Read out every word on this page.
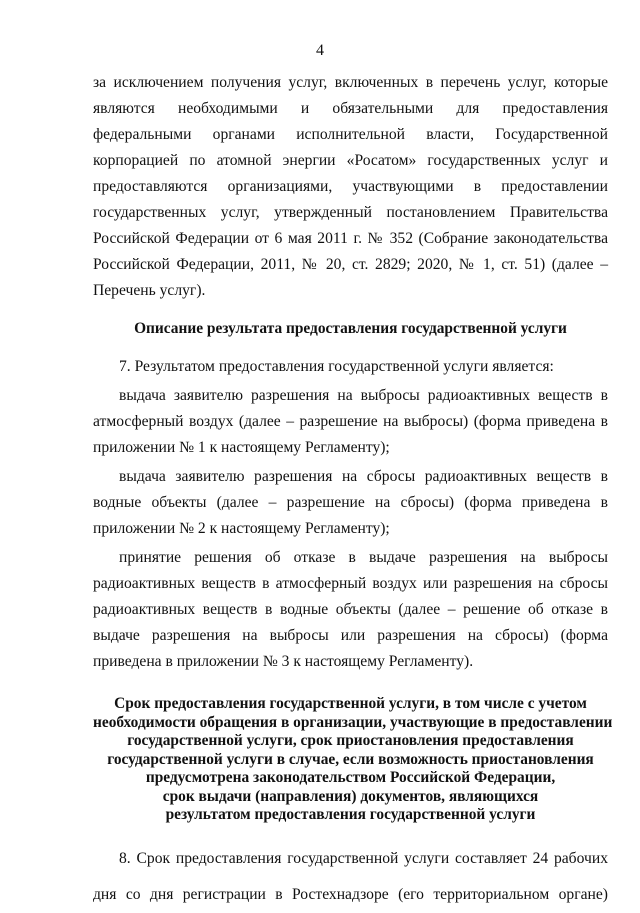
4

за исключением получения услуг, включенных в перечень услуг, которые являются необходимыми и обязательными для предоставления федеральными органами исполнительной власти, Государственной корпорацией по атомной энергии «Росатом» государственных услуг и предоставляются организациями, участвующими в предоставлении государственных услуг, утвержденный постановлением Правительства Российской Федерации от 6 мая 2011 г. № 352 (Собрание законодательства Российской Федерации, 2011, № 20, ст. 2829; 2020, № 1, ст. 51) (далее – Перечень услуг).

Описание результата предоставления государственной услуги

7. Результатом предоставления государственной услуги является:

выдача заявителю разрешения на выбросы радиоактивных веществ в атмосферный воздух (далее – разрешение на выбросы) (форма приведена в приложении № 1 к настоящему Регламенту);

выдача заявителю разрешения на сбросы радиоактивных веществ в водные объекты (далее – разрешение на сбросы) (форма приведена в приложении № 2 к настоящему Регламенту);

принятие решения об отказе в выдаче разрешения на выбросы радиоактивных веществ в атмосферный воздух или разрешения на сбросы радиоактивных веществ в водные объекты (далее – решение об отказе в выдаче разрешения на выбросы или разрешения на сбросы) (форма приведена в приложении № 3 к настоящему Регламенту).

Срок предоставления государственной услуги, в том числе с учетом
необходимости обращения в организации, участвующие в предоставлении
государственной услуги, срок приостановления предоставления
государственной услуги в случае, если возможность приостановления
предусмотрена законодательством Российской Федерации,
срок выдачи (направления) документов, являющихся
результатом предоставления государственной услуги

8. Срок предоставления государственной услуги составляет 24 рабочих дня со дня регистрации в Ростехнадзоре (его территориальном органе)
